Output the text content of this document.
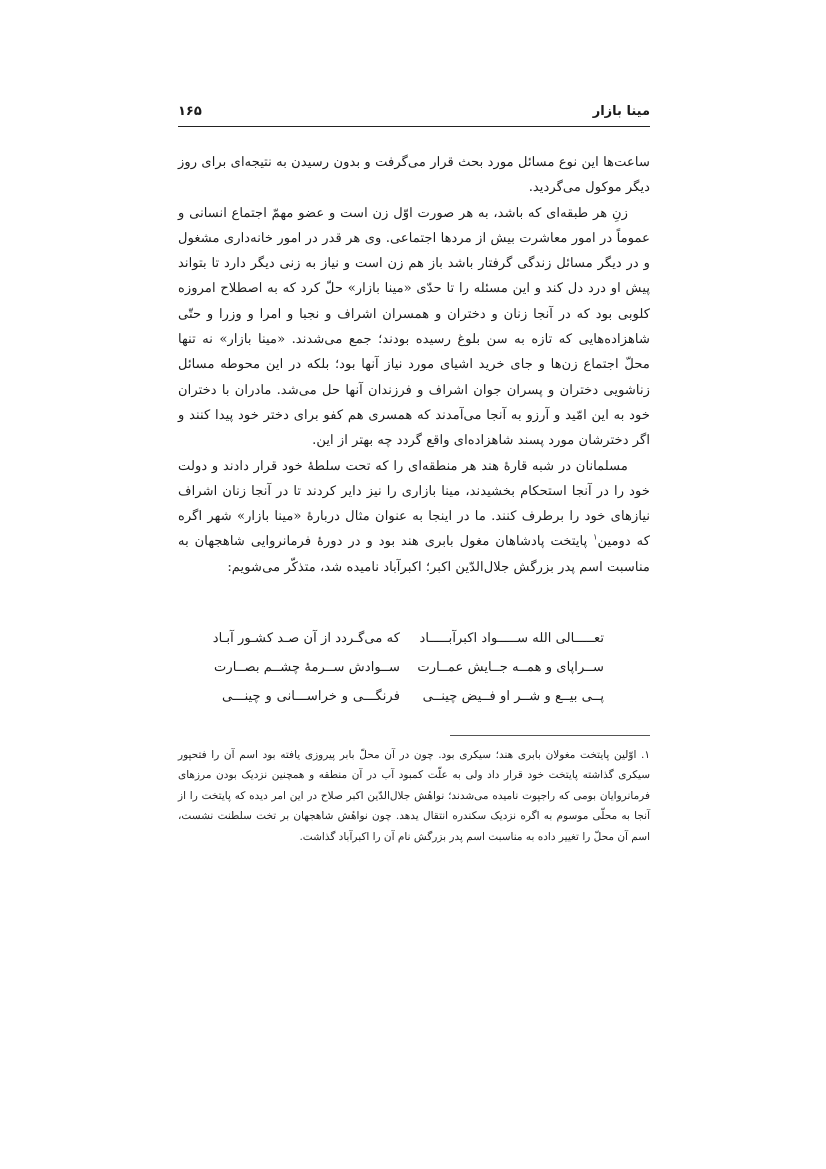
مینا بازار
۱۶۵

ساعت‌ها این نوع مسائل مورد بحث قرار می‌گرفت و بدون رسیدن به نتیجه‌ای برای روز دیگر موکول می‌گردید.

زنِ هر طبقه‌ای که باشد، به هر صورت اوّل زن است و عضو مهمّ اجتماع انسانی و عموماً در امور معاشرت بیش از مردها اجتماعی. وی هر قدر در امور خانه‌داری مشغول و در دیگر مسائل زندگی گرفتار باشد باز هم زن است و نیاز به زنی دیگر دارد تا بتواند پیش او درد دل کند و این مسئله را تا حدّی «مینا بازار» حلّ کرد که به اصطلاح امروزه کلوبی بود که در آنجا زنان و دختران و همسران اشراف و نجبا و امرا و وزرا و حتّی شاهزاده‌هایی که تازه به سن بلوغ رسیده بودند؛ جمع می‌شدند. «مینا بازار» نه تنها محلّ اجتماع زن‌ها و جای خرید اشیای مورد نیاز آنها بود؛ بلکه در این محوطه مسائل زناشویی دختران و پسران جوان اشراف و فرزندان آنها حل می‌شد. مادران با دختران خود به این امّید و آرزو به آنجا می‌آمدند که همسری هم کفو برای دختر خود پیدا کنند و اگر دخترشان مورد پسند شاهزاده‌ای واقع گردد چه بهتر از این.

مسلمانان در شبه قارهٔ هند هر منطقه‌ای را که تحت سلطهٔ خود قرار دادند و دولت خود را در آنجا استحکام بخشیدند، مینا بازاری را نیز دایر کردند تا در آنجا زنان اشراف نیازهای خود را برطرف کنند. ما در اینجا به عنوان مثال دربارهٔ «مینا بازار» شهر اگره که دومین$^۱$ پایتخت پادشاهان مغول بابری هند بود و در دورهٔ فرمانروایی شاهجهان به مناسبت اسم پدر بزرگش جلال‌الدّین اکبر؛ اکبرآباد نامیده شد، متذکّر می‌شویم:

تعـــــالی الله ســـــواد اکبرآبـــــاد
که می‌گـردد از آن صـد کشـور آبـاد
ســراپای و همــه جــایش عمــارت
ســوادش ســرمهٔ چشــم بصــارت
پــی بیــع و شــر او فــیض چینــی
فرنگـــی و خراســـانی و چینـــی

۱. اوّلین پایتخت مغولان بابری هند؛ سیکری بود. چون در آن محلّ بابر پیروزی یافته بود اسم آن را فتحپور سیکری گذاشته پایتخت خود قرار داد ولی به علّت کمبود آب در آن منطقه و همچنین نزدیک بودن مرزهای فرمانروایان بومی که راجپوت نامیده می‌شدند؛ نواهٔش جلال‌الدّین اکبر صلاح در این امر دیده که پایتخت را از آنجا به محلّی موسوم به اگره نزدیک سکندره انتقال یدهد. چون نواهٔش شاهجهان بر تخت سلطنت نشست، اسم آن محلّ را تغییر داده به مناسبت اسم پدر بزرگش نام آن را اکبرآباد گذاشت.
